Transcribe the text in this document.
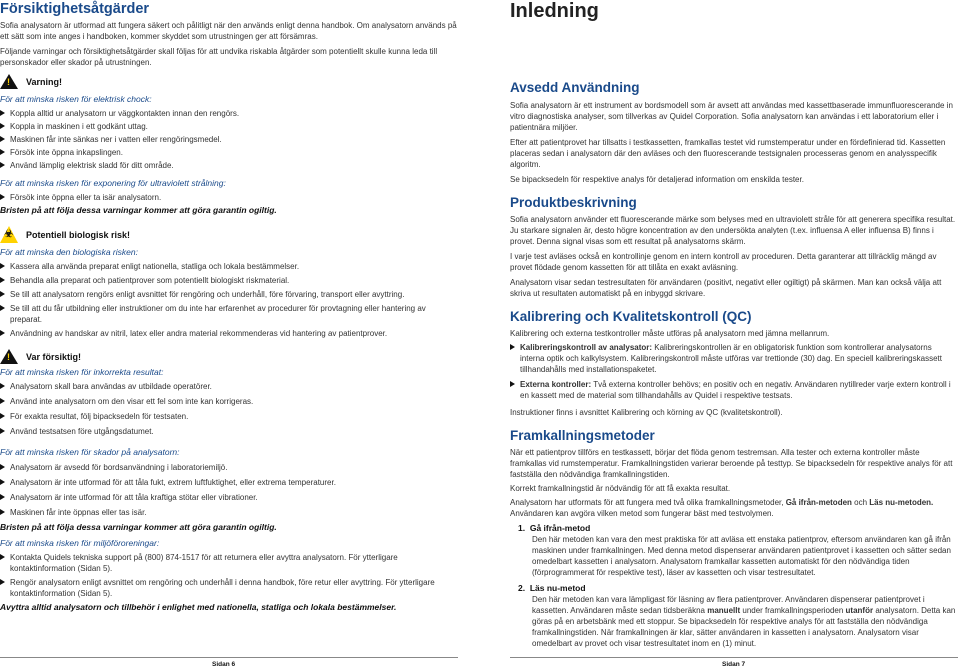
Försiktighetsåtgärder

Sofia analysatorn är utformad att fungera säkert och pålitligt när den används enligt denna handbok. Om analysatorn används på ett sätt som inte anges i handboken, kommer skyddet som utrustningen ger att försämras.

Följande varningar och försiktighetsåtgärder skall följas för att undvika riskabla åtgärder som potentiellt skulle kunna leda till personskador eller skador på utrustningen.

! Varning!

För att minska risken för elektrisk chock:

Koppla alltid ur analysatorn ur väggkontakten innan den rengörs.
Koppla in maskinen i ett godkänt uttag.
Maskinen får inte sänkas ner i vatten eller rengöringsmedel.
Försök inte öppna inkapslingen.
Använd lämplig elektrisk sladd för ditt område.

För att minska risken för exponering för ultraviolett strålning:

Försök inte öppna eller ta isär analysatorn.

Bristen på att följa dessa varningar kommer att göra garantin ogiltig.

☣
Potentiell biologisk risk!

För att minska den biologiska risken:

Kassera alla använda preparat enligt nationella, statliga och lokala bestämmelser.
Behandla alla preparat och patientprover som potentiellt biologiskt riskmaterial.
Se till att analysatorn rengörs enligt avsnittet för rengöring och underhåll, före förvaring, transport eller avyttring.
Se till att du får utbildning eller instruktioner om du inte har erfarenhet av procedurer för provtagning eller hantering av preparat.
Användning av handskar av nitril, latex eller andra material rekommenderas vid hantering av patientprover.
! Var försiktig!

För att minska risken för inkorrekta resultat:

Analysatorn skall bara användas av utbildade operatörer.
Använd inte analysatorn om den visar ett fel som inte kan korrigeras.
För exakta resultat, följ bipacksedeln för testsaten.
Använd testsatsen före utgångsdatumet.

För att minska risken för skador på analysatorn:

Analysatorn är avsedd för bordsanvändning i laboratoriemiljö.
Analysatorn är inte utformad för att tåla fukt, extrem luftfuktighet, eller extrema temperaturer.
Analysatorn är inte utformad för att tåla kraftiga stötar eller vibrationer.
Maskinen får inte öppnas eller tas isär.

Bristen på att följa dessa varningar kommer att göra garantin ogiltig.

För att minska risken för miljöföroreningar:

Kontakta Quidels tekniska support på (800) 874-1517 för att returnera eller avyttra analysatorn. För ytterligare kontaktinformation (Sidan 5).
Rengör analysatorn enligt avsnittet om rengöring och underhåll i denna handbok, före retur eller avyttring. För ytterligare kontaktinformation (Sidan 5).

Avyttra alltid analysatorn och tillbehör i enlighet med nationella, statliga och lokala bestämmelser.

Inledning
Avsedd Användning

Sofia analysatorn är ett instrument av bordsmodell som är avsett att användas med kassettbaserade immunfluorescerande in vitro diagnostiska analyser, som tillverkas av Quidel Corporation. Sofia analysatorn kan användas i ett laboratorium eller i patientnära miljöer.

Efter att patientprovet har tillsatts i testkassetten, framkallas testet vid rumstemperatur under en fördefinierad tid. Kassetten placeras sedan i analysatorn där den avläses och den fluorescerande testsignalen processeras genom en analysspecifik algoritm.

Se bipacksedeln för respektive analys för detaljerad information om enskilda tester.

Produktbeskrivning

Sofia analysatorn använder ett fluorescerande märke som belyses med en ultraviolett stråle för att generera specifika resultat. Ju starkare signalen är, desto högre koncentration av den undersökta analyten (t.ex. influensa A eller influensa B) finns i provet. Denna signal visas som ett resultat på analysatorns skärm.

I varje test avläses också en kontrollinje genom en intern kontroll av proceduren. Detta garanterar att tillräcklig mängd av provet flödade genom kassetten för att tillåta en exakt avläsning.

Analysatorn visar sedan testresultaten för användaren (positivt, negativt eller ogiltigt) på skärmen. Man kan också välja att skriva ut resultaten automatiskt på en inbyggd skrivare.

Kalibrering och Kvalitetskontroll (QC)

Kalibrering och externa testkontroller måste utföras på analysatorn med jämna mellanrum.

Kalibreringskontroll av analysator: Kalibreringskontrollen är en obligatorisk funktion som kontrollerar analysatorns interna optik och kalkylsystem. Kalibreringskontroll måste utföras var trettionde (30) dag. En speciell kalibreringskassett tillhandahålls med installationspaketet.
Externa kontroller: Två externa kontroller behövs; en positiv och en negativ. Användaren nytillreder varje extern kontroll i en kassett med de material som tillhandahålls av Quidel i respektive testsats.

Instruktioner finns i avsnittet Kalibrering och körning av QC (kvalitetskontroll).

Framkallningsmetoder

När ett patientprov tillförs en testkassett, börjar det flöda genom testremsan. Alla tester och externa kontroller måste framkallas vid rumstemperatur. Framkallningstiden varierar beroende på testtyp. Se bipacksedeln för respektive analys för att fastställa den nödvändiga framkallningstiden.

Korrekt framkallningstid är nödvändig för att få exakta resultat.

Analysatorn har utformats för att fungera med två olika framkallningsmetoder, Gå ifrån-metoden och Läs nu-metoden. Användaren kan avgöra vilken metod som fungerar bäst med testvolymen.

1. Gå ifrån-metod

Den här metoden kan vara den mest praktiska för att avläsa ett enstaka patientprov, eftersom användaren kan gå ifrån maskinen under framkallningen. Med denna metod dispenserar användaren patientprovet i kassetten och sätter sedan omedelbart kassetten i analysatorn. Analysatorn framkallar kassetten automatiskt för den nödvändiga tiden (förprogrammerat för respektive test), läser av kassetten och visar testresultatet.

2. Läs nu-metod

Den här metoden kan vara lämpligast för läsning av flera patientprover. Användaren dispenserar patientprovet i kassetten. Användaren måste sedan tidsberäkna manuellt under framkallningsperioden utanför analysatorn. Detta kan göras på en arbetsbänk med ett stoppur. Se bipacksedeln för respektive analys för att fastställa den nödvändiga framkallningstiden. När framkallningen är klar, sätter användaren in kassetten i analysatorn. Analysatorn visar omedelbart av provet och visar testresultatet inom en (1) minut.

Sidan 6	Sidan 7
